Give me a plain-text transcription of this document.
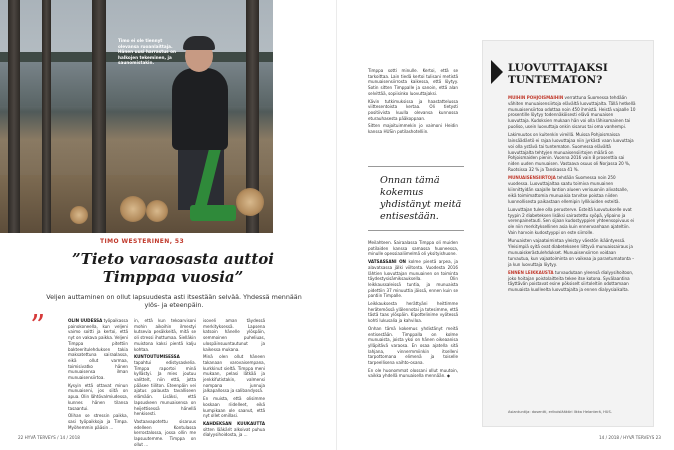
Timo ei ole tiennyt olevansa ruoanlaittaja. Hänen uusi harrastus on halkojen tekeminen, ja saunomistakin.
TIMO WESTERINEN, 53
”Tieto varaosasta auttoi Timppaa vuosia”
Veljen auttaminen on ollut lapsuudesta asti itsestään selvää. Yhdessä mennään ylös- ja eteenpäin.
”	OLIN UUDESSA työpaikassa painokoneella, kun veljeni vaimo soitti ja kertoi, että nyt on vakava paikka. Veljeni Timppa pitettiin bakteeritulehduksen takia maksatettuna sairaalassa, eikä ollut varmaa, toimisivatko hänen munuaisensa ilman munuaisensiirtoa.

Kysyin että ottavat minun munuaiseni, jos siitä on apua. Olin lähtövalmiudessa, kunnes hänen tilansa tasaantui.

Olihan se stressin paikka, sasi työpaikkoja ja Timpa. Myöhemmin pääsin ...

in, että kun tekoarvisoni mohin aikoihin ilmestyi kutsevia pesäkkeitä, mitä se oli stressi ihottumaa. Sielläkin muistona kaksi pientä kalju kohtaa.

KUNTOUTUMISESSA tapahtui edistysaskelia. Timppa raportoi minä kyllästyi. Ja mies joutuu valittelt, niin että, jotta pääsee tiiliton. Eteenpäin vei ajatus palausta tavalliseen elämään. Lisäksi, että lapsuskeen munuaisensa on heijettisessä hänellä henkisesti.

Vastaavapotettu sisaruus edelleen Kontulassa kerrostalossa, jossa ollin me lapsuutemme. Timppa on ollut ...

isoveli aman täydessä merkityksessä. Lapsena katsoin hänelle ylöspäin, semmoinen puheliuas, ulospäinsuuntautunut ja kaikessa mukana.

Minä olen ollut häneen takanaan varovaisempana, kurkkinut sieltä. Timppa meni mukaan, pelasi lätkää ja jenkkifutistakin, valmensi nompana junnuja jalkapallossa ja salibandyssä.

En muista, että olisimme koskaan riidelleet, eikä kumpikaan ole saanut, että nyt ollet omillasi.

KAHDEKSAN KUUKAUTTA sitten lääkärit alkoivat puhua dialyysihoidosta, ja ...

22 HYVÄ TERVEYS / 14 / 2018

Timppa sotti minulle. Kertoi, että se tarkoittaa. Lain tiedä kertoi tulisani metistä munuaisensiirrosta kaikessa, että löytyy. Sotin sitten Timppalle ja sanoin, että alan selvittää, sopiisinko luovuttajaksi.

Kävin tutkimuksissa ja haastattelussa viittesentoista kertaa. Oli tietysti positiivista kuulla olevansa kunnossa eturauhasesta pääkoppaan.

Sitten majoituimmekin jo vaimoni Heidin kanssa HUSin potilashotelliin.

Meilahteen. Sairaalassa Timppa oli muiden potilaiden kanssa samassa huoneessa, minulle opessiaaliimelmä oli yksityishuone.

VATSASSANI ON kolme pientä arpea, ja alavatsassa jälki viiltonta. Vuodesta 2016 lähtien luovuttajan munuainen on toiminta täydestysisämiksauksella. Olin leikkaussaleissä tuntia, ja munuaista pidettiin 37 minuuttia jäissä, ennen kuin se pantiin Timpalle.

Leikkauksesta herättyäni heittimme herätemössä ylälennotai ja totesimme, että tästä taas ylöspäin. Kipottelinime vyötessä kohti lukusalia ja kahviloa.

Onhan tämä kokemus yhdistänyt meitä entisestään. Timppalla on kolme munuaista, joista yksi on hänen oikeaanisa ylläpitävä varaosa. En osaa ajatella sitä lahjana, vinnermmiinkin itselleni tarpottomana elimenä ja toiselle tarpeellisena vaihto-osana.

En ole huonommat olossani ollut muutoin, vaikka yhdellä munuaisella mennään. ◆

14 / 2018 / HYVÄ TERVEYS 23
Onnan tämä kokemus yhdistänyt meitä entisestään.
LUOVUTTAJAKSI TUNTEMATON?

MUIHIN POHJOISMAIHIN verrattuna Suomessa tehdään vähiten munuaisensiirtoja elävältä luovuttajalta. Tällä hetkellä munuaisensiirtoa odottaa noin 450 ihmistä. Heistä vajaalle 10 prosentille löytyy todennäköisesti elävä munuaisen luovuttaja. Kudoksien mukaan hän voi olla lähisomainen tai puoliso, usein luovuttaja onkin sisarus tai oma vanhempi.

Lakimuutos on kuitenkin vireillä. Muissa Pohjoismaissa lainsäädäntö ei rajaa luovuttajaa niin jyrkästi vaan luovuttaja voi olla ystävä tai tuntematon. Suomessa elävältä luovuttajalta tehtyjen munuaisensiirtojen määrä on Pohjoismaiden pienin. Vuonna 2016 vain 8 prosenttia sai niden uuden munuaisen. Vastaava osuus oli Norjassa 20 %, Ruotsissa 32 % ja Tanskassa 41 %.

MUNUAISENSIIRTOJA tehdään Suomessa noin 250 vuodessa. Luovuttajaltaa saatu toimiva munuainen kiinnittyidän saajalle lantion alueen verisuoniin alivatsalle, eikä toimimattomia munuaisia tarvitse poistaa niiden luonnollisesta paikastaan ellemipin lyllikiuiden esteitä.

Luovuttajan tulee olla perusterve. Esteitä luovutukselle ovat tyypin 2 diabeteksen lisäksi sairastettu syöpä, ylipaino ja verenpainetauti. Sen sijaan kudostyyppien yhteensopivuus ei ole niin merkityksellinen asia kuin ennenvanhaan ajateltiin. Vain harvoin kudostyyppi on este siirrolle.

Munuaisten vajaatoimintaa yleistyy väestön ikääntyessä. Yleisimpiä syitä ovat diabetekseen liittyvä munuaissairaus ja munuaiskerästulehdukset. Munuaisensiirron voidaan turvautua, kun vajaatoiminta on vaikeaa ja parantumatonta – ja kun luovuttaja löytyy.

ENNEN LEIKKAUSTA turvaudutaan yleensä dialyysihoitoon, joko hoitajan poistolaitteita tekee itse kotona. Syvälaantina täyttävän poistavat esine pöksiselt siirtoleltiin odottamaan munuaista kuolleelta luovuttajalta ja ennen dialyysiaikalta.

Asiantuntija: dosentti, erikoislääkäri Ilkka Helanterä, HUS.
